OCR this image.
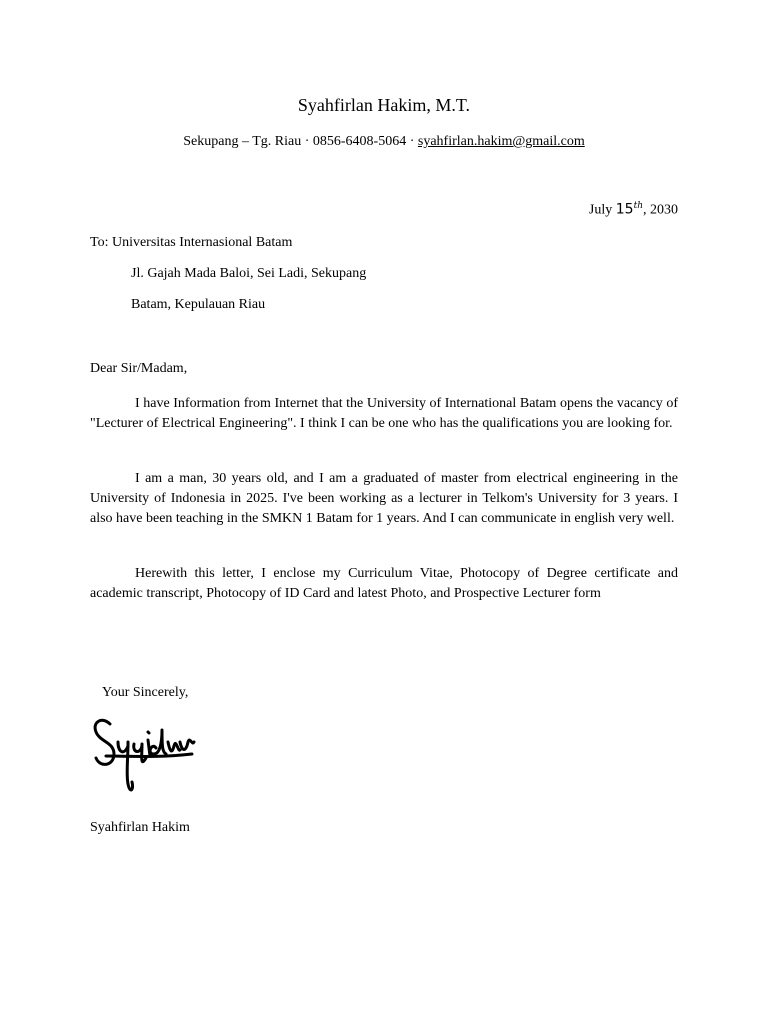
Syahfirlan Hakim, M.T.
Sekupang – Tg. Riau · 0856-6408-5064 · syahfirlan.hakim@gmail.com
July 15th, 2030
To: Universitas Internasional Batam
Jl. Gajah Mada Baloi, Sei Ladi, Sekupang
Batam, Kepulauan Riau
Dear Sir/Madam,
I have Information from Internet that the University of International Batam opens the vacancy of "Lecturer of Electrical Engineering". I think I can be one who has the qualifications you are looking for.
I am a man, 30 years old, and I am a graduated of master from electrical engineering in the University of Indonesia in 2025. I've been working as a lecturer in Telkom's University for 3 years. I also have been teaching in the SMKN 1 Batam for 1 years. And I can communicate in english very well.
Herewith this letter, I enclose my Curriculum Vitae, Photocopy of Degree certificate and academic transcript, Photocopy of ID Card and latest Photo, and Prospective Lecturer form
Your Sincerely,
Syahfirlan Hakim
